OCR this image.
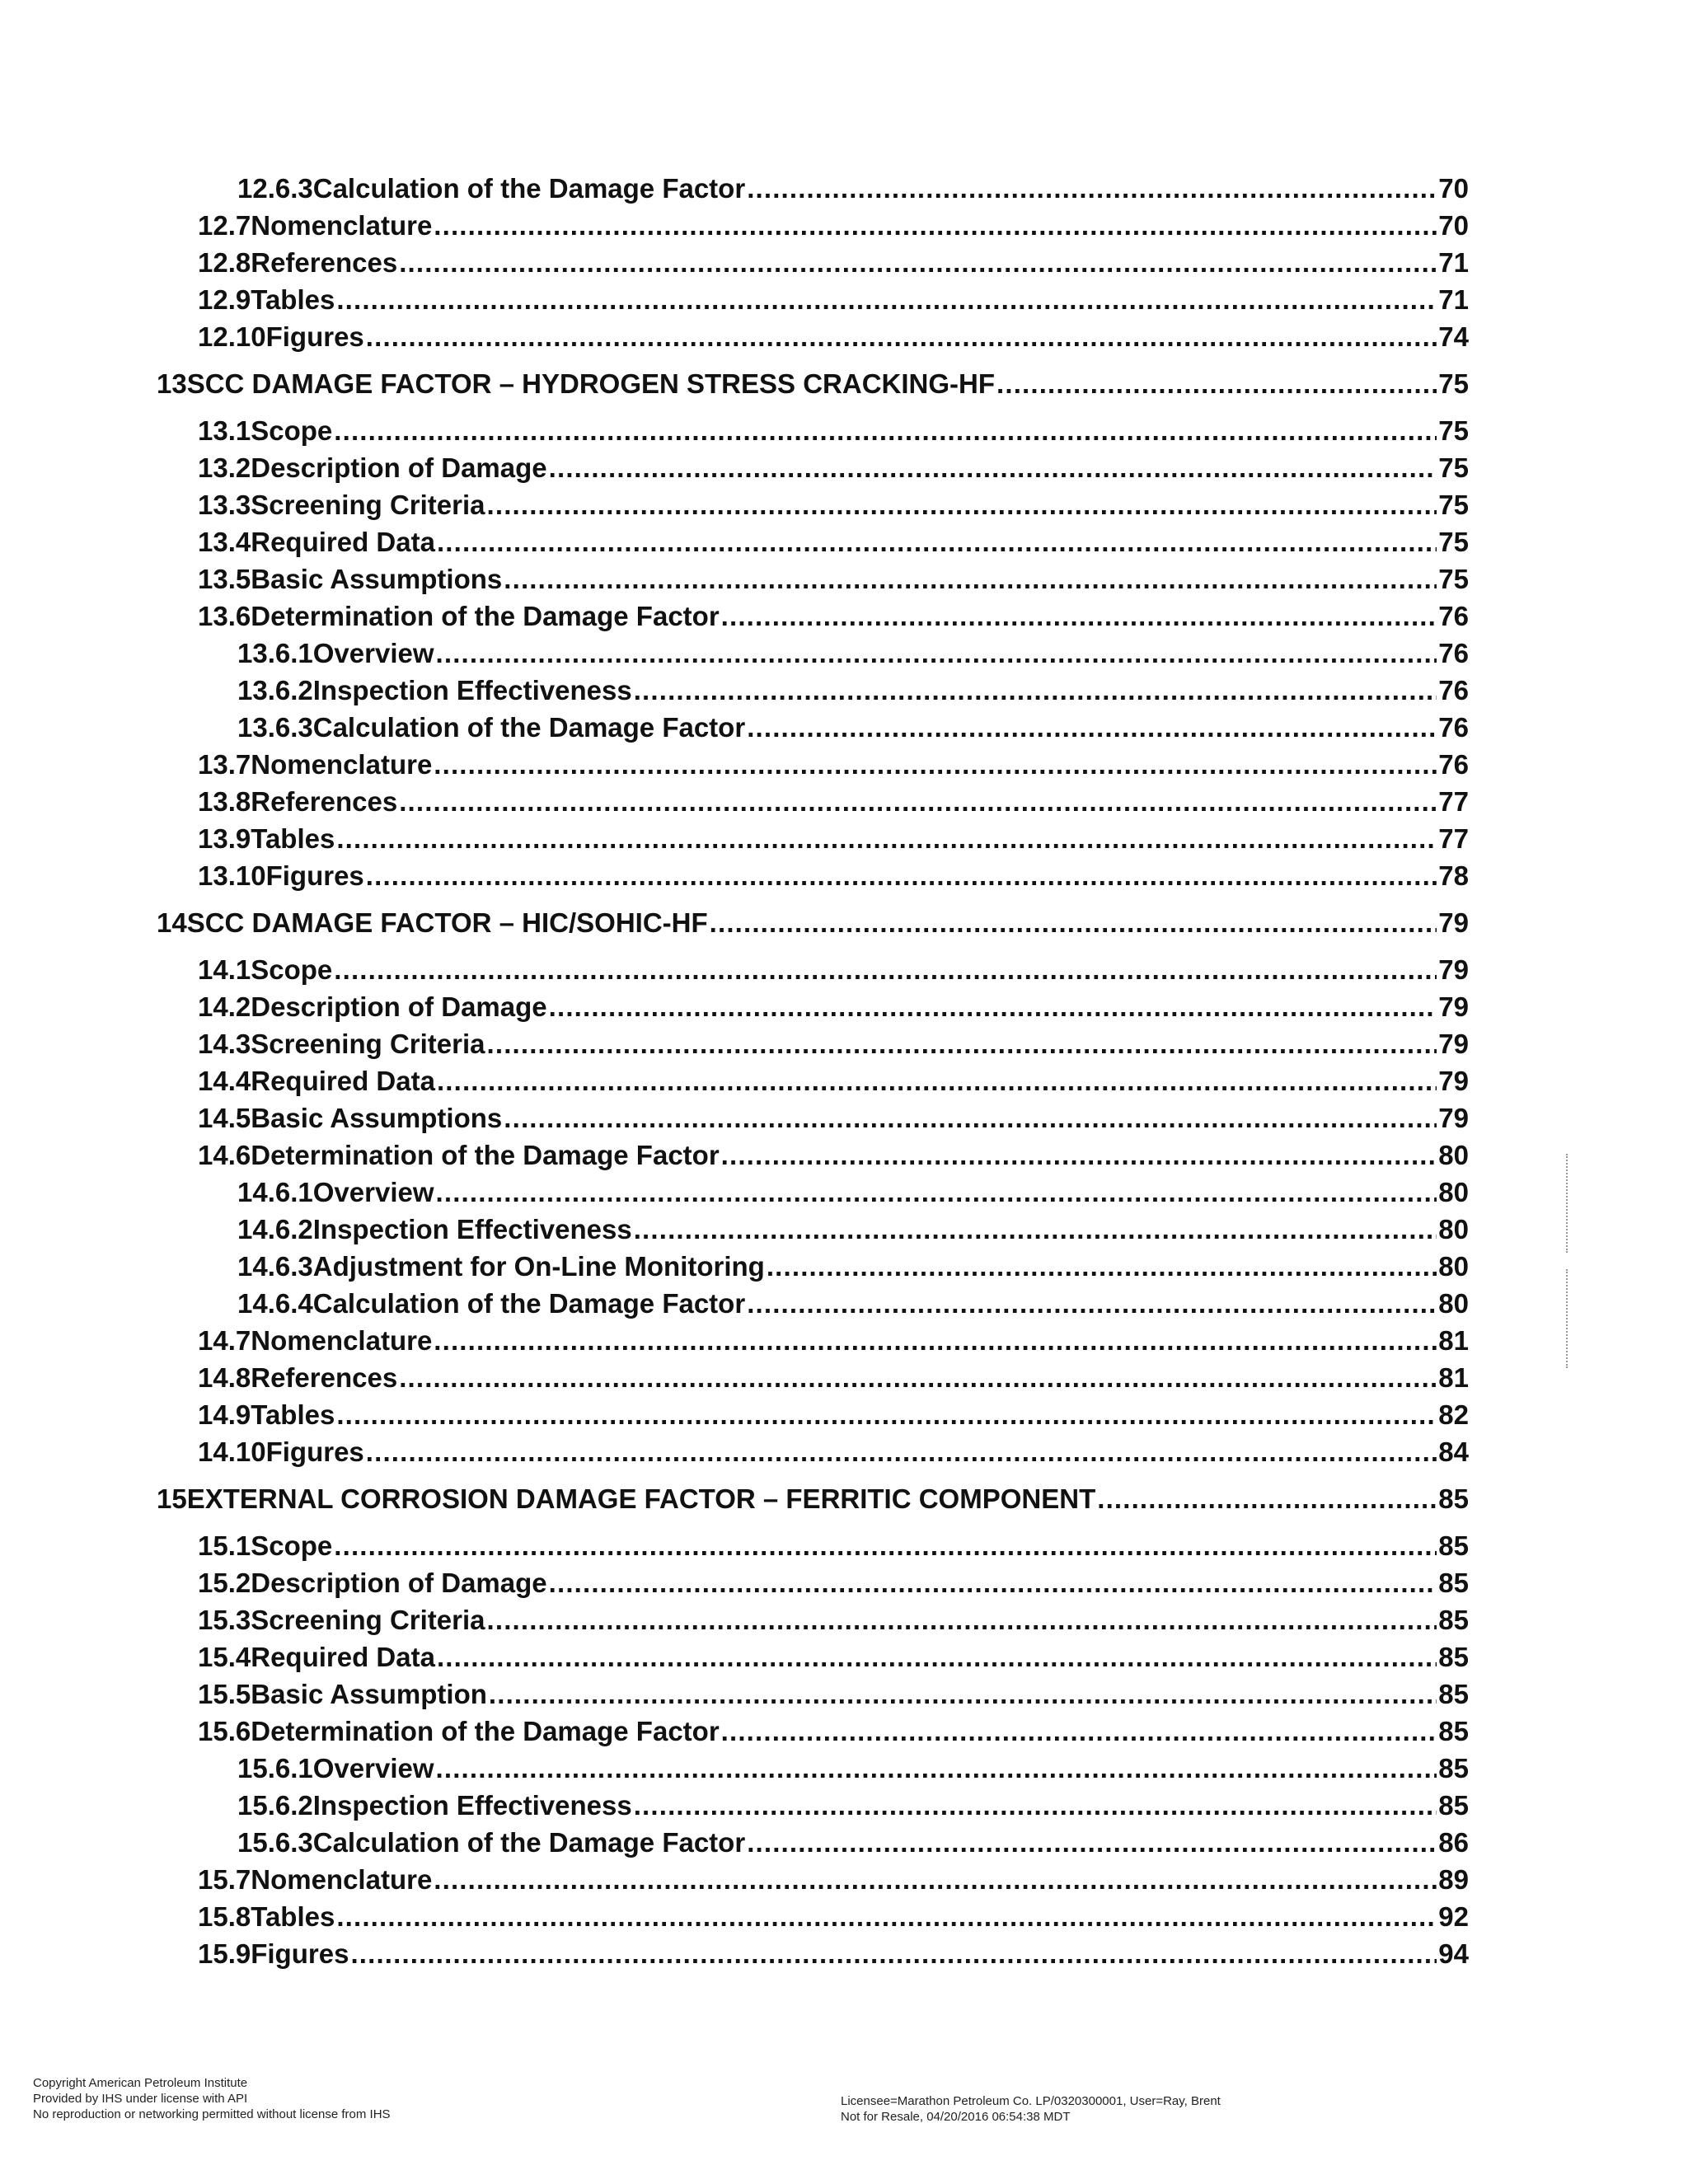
12.6.3 Calculation of the Damage Factor . . .	70
12.7 Nomenclature . . .	70
12.8 References . . .	71
12.9 Tables . . .	71
12.10 Figures . . .	74
13 SCC DAMAGE FACTOR – HYDROGEN STRESS CRACKING-HF . . .	75
13.1 Scope . . .	75
13.2 Description of Damage . . .	75
13.3 Screening Criteria . . .	75
13.4 Required Data . . .	75
13.5 Basic Assumptions . . .	75
13.6 Determination of the Damage Factor . . .	76
13.6.1 Overview . . .	76
13.6.2 Inspection Effectiveness . . .	76
13.6.3 Calculation of the Damage Factor . . .	76
13.7 Nomenclature . . .	76
13.8 References . . .	77
13.9 Tables . . .	77
13.10 Figures . . .	78
14 SCC DAMAGE FACTOR – HIC/SOHIC-HF . . .	79
14.1 Scope . . .	79
14.2 Description of Damage . . .	79
14.3 Screening Criteria . . .	79
14.4 Required Data . . .	79
14.5 Basic Assumptions . . .	79
14.6 Determination of the Damage Factor . . .	80
14.6.1 Overview . . .	80
14.6.2 Inspection Effectiveness . . .	80
14.6.3 Adjustment for On-Line Monitoring . . .	80
14.6.4 Calculation of the Damage Factor . . .	80
14.7 Nomenclature . . .	81
14.8 References . . .	81
14.9 Tables . . .	82
14.10 Figures . . .	84
15 EXTERNAL CORROSION DAMAGE FACTOR – FERRITIC COMPONENT . . .	85
15.1 Scope . . .	85
15.2 Description of Damage . . .	85
15.3 Screening Criteria . . .	85
15.4 Required Data . . .	85
15.5 Basic Assumption . . .	85
15.6 Determination of the Damage Factor . . .	85
15.6.1 Overview . . .	85
15.6.2 Inspection Effectiveness . . .	85
15.6.3 Calculation of the Damage Factor . . .	86
15.7 Nomenclature . . .	89
15.8 Tables . . .	92
15.9 Figures . . .	94
Copyright American Petroleum Institute
Provided by IHS under license with API
No reproduction or networking permitted without license from IHS
Licensee=Marathon Petroleum Co. LP/0320300001, User=Ray, Brent
Not for Resale, 04/20/2016 06:54:38 MDT
